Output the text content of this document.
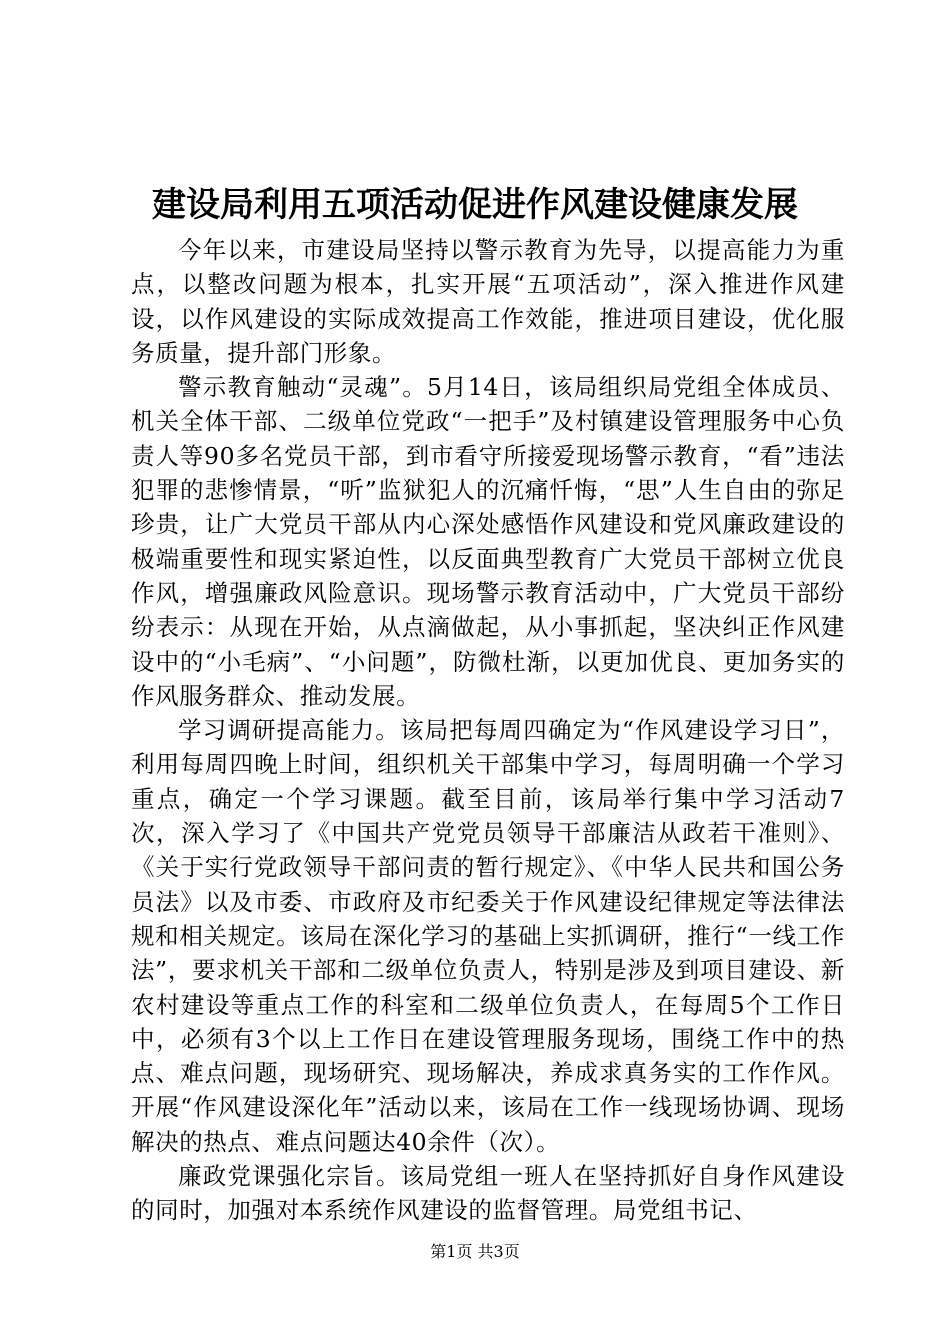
建设局利用五项活动促进作风建设健康发展

今年以来，市建设局坚持以警示教育为先导，以提高能力为重点，以整改问题为根本，扎实开展“五项活动”，深入推进作风建设，以作风建设的实际成效提高工作效能，推进项目建设，优化服务质量，提升部门形象。

警示教育触动“灵魂”。5月14日，该局组织局党组全体成员、机关全体干部、二级单位党政“一把手”及村镇建设管理服务中心负责人等90多名党员干部，到市看守所接爱现场警示教育，“看”违法犯罪的悲惨情景，“听”监狱犯人的沉痛忏悔，“思”人生自由的弥足珍贵，让广大党员干部从内心深处感悟作风建设和党风廉政建设的极端重要性和现实紧迫性，以反面典型教育广大党员干部树立优良作风，增强廉政风险意识。现场警示教育活动中，广大党员干部纷纷表示：从现在开始，从点滴做起，从小事抓起，坚决纠正作风建设中的“小毛病”、“小问题”，防微杜渐，以更加优良、更加务实的作风服务群众、推动发展。

学习调研提高能力。该局把每周四确定为“作风建设学习日”，利用每周四晚上时间，组织机关干部集中学习，每周明确一个学习重点，确定一个学习课题。截至目前，该局举行集中学习活动7次，深入学习了《中国共产党党员领导干部廉洁从政若干准则》、《关于实行党政领导干部问责的暂行规定》、《中华人民共和国公务员法》以及市委、市政府及市纪委关于作风建设纪律规定等法律法规和相关规定。该局在深化学习的基础上实抓调研，推行“一线工作法”，要求机关干部和二级单位负责人，特别是涉及到项目建设、新农村建设等重点工作的科室和二级单位负责人，在每周5个工作日中，必须有3个以上工作日在建设管理服务现场，围绕工作中的热点、难点问题，现场研究、现场解决，养成求真务实的工作作风。开展“作风建设深化年”活动以来，该局在工作一线现场协调、现场解决的热点、难点问题达40余件（次）。

廉政党课强化宗旨。该局党组一班人在坚持抓好自身作风建设的同时，加强对本系统作风建设的监督管理。局党组书记、

第1页 共3页
